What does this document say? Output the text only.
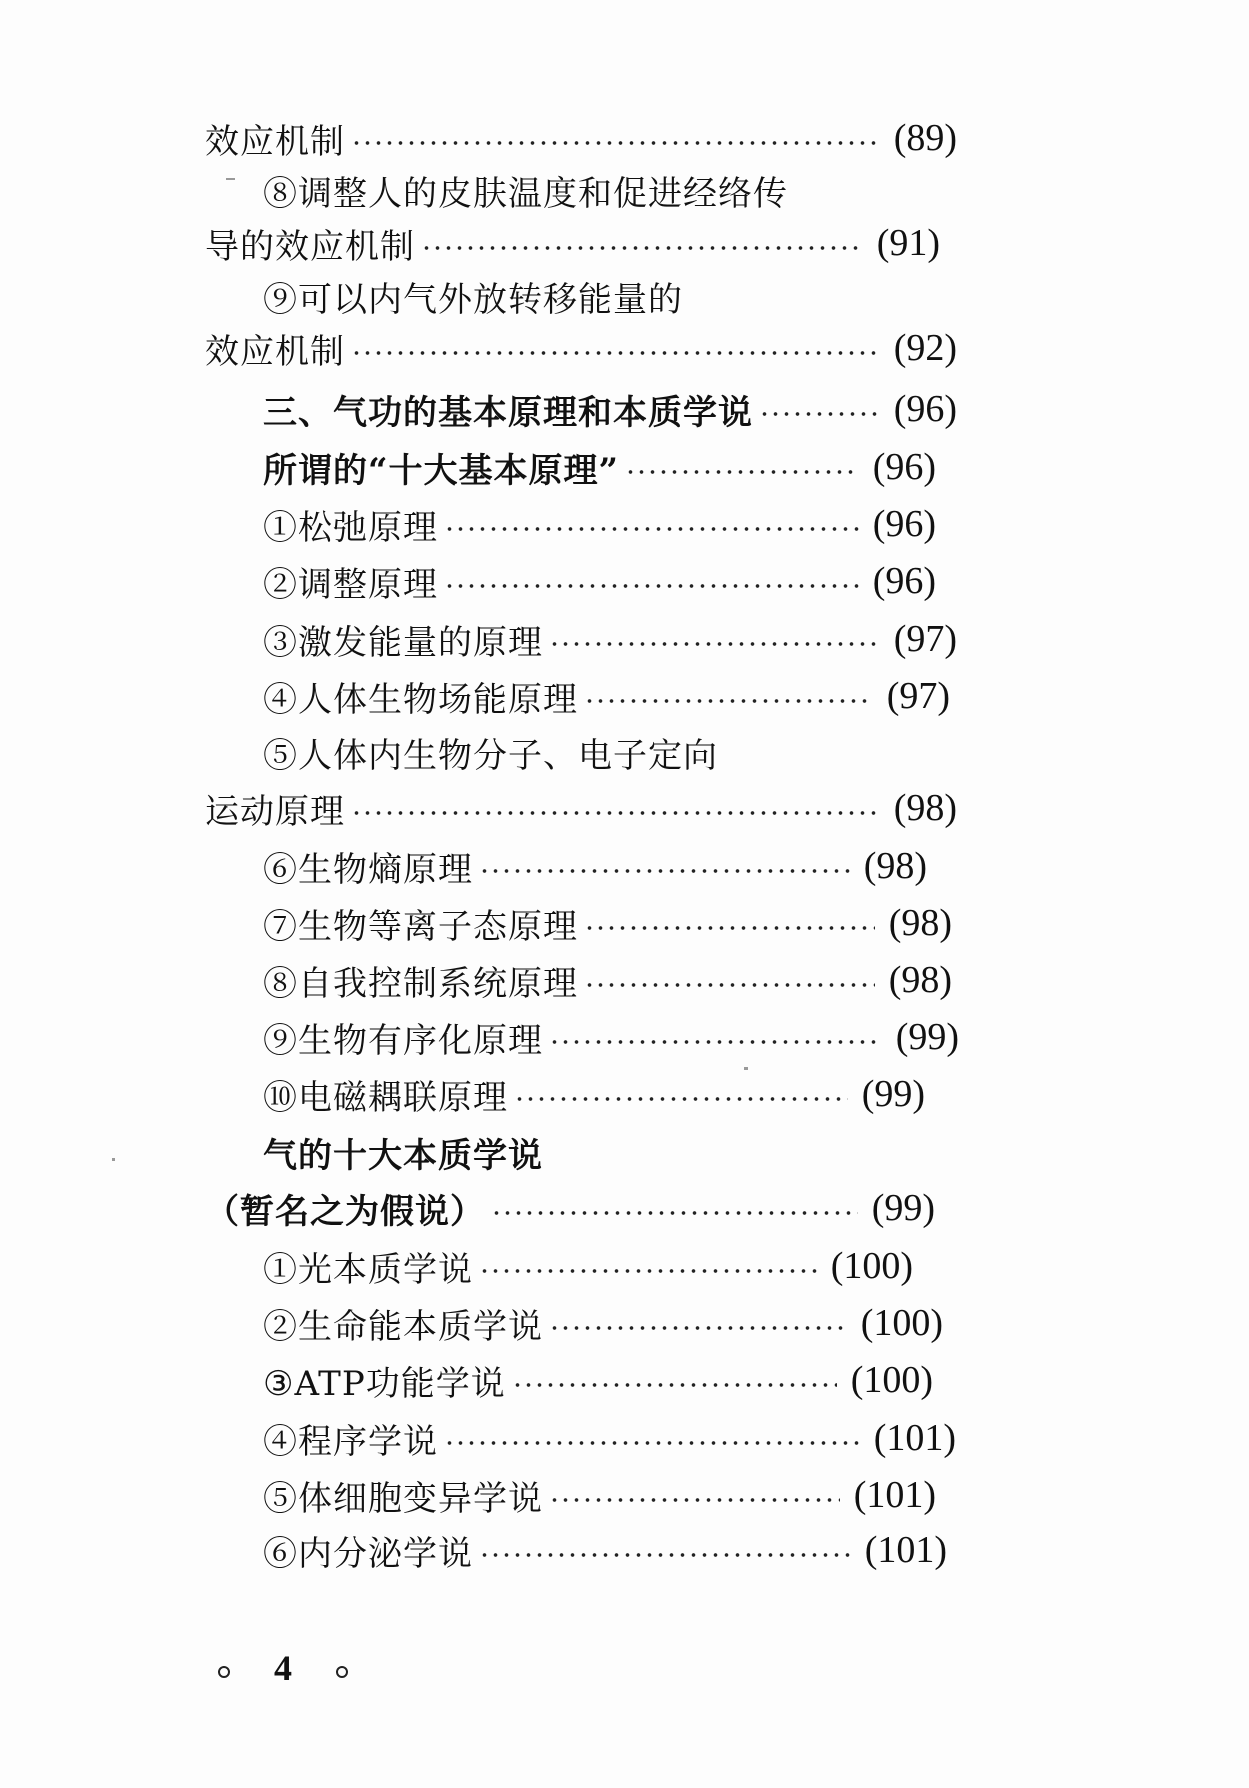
效应机制	(89)
⑧调整人的皮肤温度和促进经络传
导的效应机制	(91)
⑨可以内气外放转移能量的
效应机制	(92)
三、气功的基本原理和本质学说	(96)
所谓的“十大基本原理”	(96)
①松弛原理	(96)
②调整原理	(96)
③激发能量的原理	(97)
④人体生物场能原理	(97)
⑤人体内生物分子、电子定向
运动原理	(98)
⑥生物熵原理	(98)
⑦生物等离子态原理	(98)
⑧自我控制系统原理	(98)
⑨生物有序化原理	(99)
⑩电磁耦联原理	(99)
气的十大本质学说
（暂名之为假说）	(99)
①光本质学说	(100)
②生命能本质学说	(100)
③ATP功能学说	(100)
④程序学说	(101)
⑤体细胞变异学说	(101)
⑥内分泌学说	(101)
4
